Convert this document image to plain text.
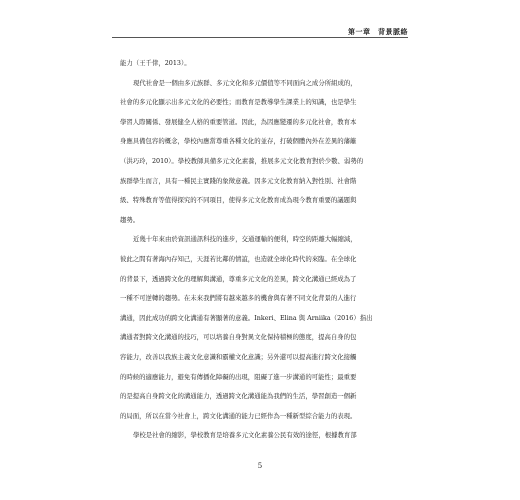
第一章　背景脈絡
能力（王千倖，2013）。
現代社會是一個由多元族群、多元文化和多元價值等不同面向之成分所組成的，
社會的多元化顯示出多元文化的必要性；而教育是教導學生課業上的知識，也是學生
學習人際關係、發展健全人格的重要管道。因此，為因應變遷的多元化社會，教育本
身應具備包容的概念，學校內應當尊重各種文化的並存，打破個體內外在差異的藩籬
（洪巧玲，2010）。學校教師具備多元文化素養，推展多元文化教育對於少數、弱勢的
族群學生而言，具有一種民主實踐的象徵意義。因多元文化教育納入對性別、社會階
級、特殊教育等值得探究的不同項目，使得多元文化教育成為現今教育重要的議題與
趨勢。
近幾十年來由於資訊通訊科技的進步，交通運輸的便利，時空的距離大幅縮減，
彼此之間有著海內存知己，天涯若比鄰的情誼，也造就全球化時代的來臨。在全球化
的背景下，透過跨文化的理解與溝通，尊重多元文化的差異，跨文化溝通已經成為了
一種不可逆轉的趨勢。在未來我們將有越來越多的機會與有著不同文化背景的人進行
溝通，因此成功的跨文化溝通有著顯著的意義。Inkeri、Elina 與 Arniika（2016）指出
溝通者對跨文化溝通的技巧，可以培養自身對異文化保持積極的態度，提高自身的包
容能力，改善以我族主義文化意識和霸權文化意識；另外還可以提高進行跨文化接觸
的時候的適應能力，避免有傳播化障礙的出現，阻礙了進一步溝通的可能性；最重要
的是提高自身跨文化的溝通能力，透過跨文化溝通能為我們的生活，學習創造一個新
的局面，所以在當今社會上，跨文化溝通的能力已經作為一種新型綜合能力的表現。
學校是社會的縮影，學校教育是培養多元文化素養公民有效的途徑，根據教育部
5
